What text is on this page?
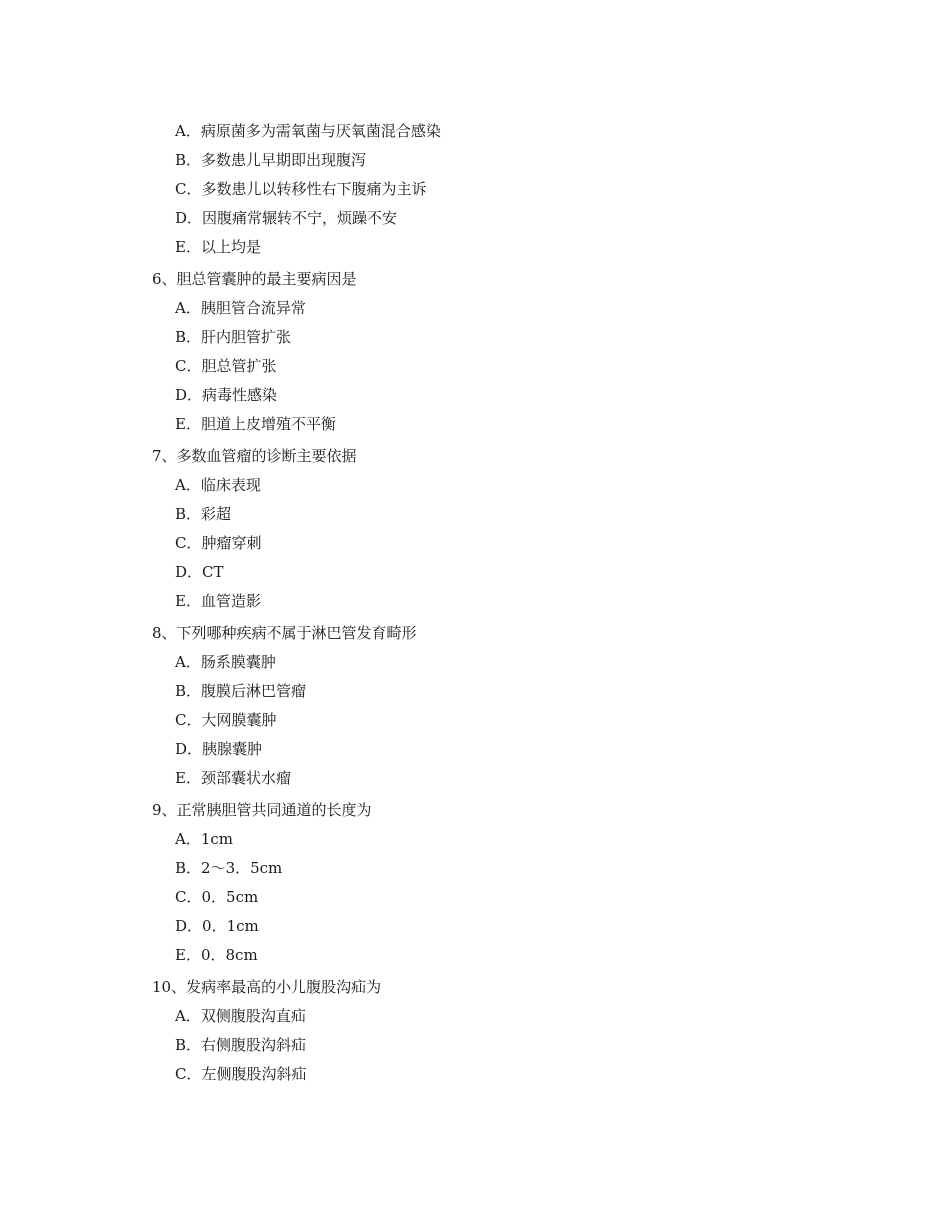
A．病原菌多为需氧菌与厌氧菌混合感染
B．多数患儿早期即出现腹泻
C．多数患儿以转移性右下腹痛为主诉
D．因腹痛常辗转不宁，烦躁不安
E．以上均是
6、胆总管囊肿的最主要病因是
A．胰胆管合流异常
B．肝内胆管扩张
C．胆总管扩张
D．病毒性感染
E．胆道上皮增殖不平衡
7、多数血管瘤的诊断主要依据
A．临床表现
B．彩超
C．肿瘤穿刺
D．CT
E．血管造影
8、下列哪种疾病不属于淋巴管发育畸形
A．肠系膜囊肿
B．腹膜后淋巴管瘤
C．大网膜囊肿
D．胰腺囊肿
E．颈部囊状水瘤
9、正常胰胆管共同通道的长度为
A．1cm
B．2～3．5cm
C．0．5cm
D．0．1cm
E．0．8cm
10、发病率最高的小儿腹股沟疝为
A．双侧腹股沟直疝
B．右侧腹股沟斜疝
C．左侧腹股沟斜疝
